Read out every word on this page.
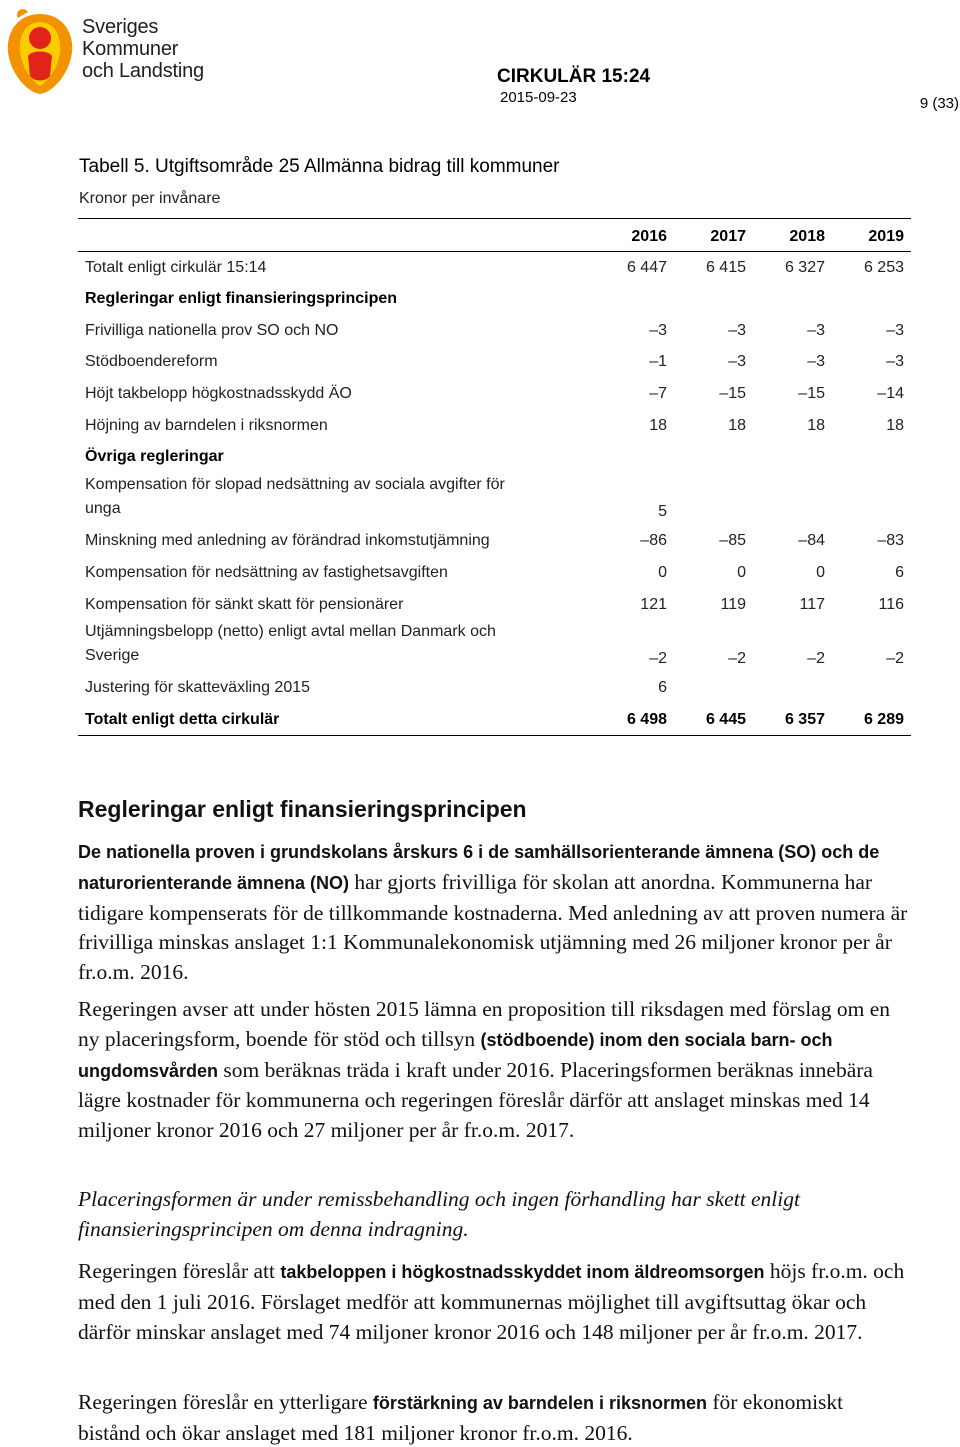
Sveriges
Kommuner
och Landsting	CIRKULÄR 15:24
2015-09-23	9 (33)
Tabell 5. Utgiftsområde 25 Allmänna bidrag till kommuner
Kronor per invånare
	2016	2017	2018	2019
Totalt enligt cirkulär 15:14	6 447	6 415	6 327	6 253
Regleringar enligt finansieringsprincipen				
Frivilliga nationella prov SO och NO	–3	–3	–3	–3
Stödboendereform	–1	–3	–3	–3
Höjt takbelopp högkostnadsskydd ÄO	–7	–15	–15	–14
Höjning av barndelen i riksnormen	18	18	18	18
Övriga regleringar				
Kompensation för slopad nedsättning av sociala avgifter för
unga	5			
Minskning med anledning av förändrad inkomstutjämning	–86	–85	–84	–83
Kompensation för nedsättning av fastighetsavgiften	0	0	0	6
Kompensation för sänkt skatt för pensionärer	121	119	117	116
Utjämningsbelopp (netto) enligt avtal mellan Danmark och
Sverige	–2	–2	–2	–2
Justering för skatteväxling 2015	6			
Totalt enligt detta cirkulär	6 498	6 445	6 357	6 289
Regleringar enligt finansieringsprincipen

De nationella proven i grundskolans årskurs 6 i de samhällsorienterande ämnena (SO) och de naturorienterande ämnena (NO) har gjorts frivilliga för skolan att anordna. Kommunerna har tidigare kompenserats för de tillkommande kostnaderna. Med anledning av att proven numera är frivilliga minskas anslaget 1:1 Kommunalekonomisk utjämning med 26 miljoner kronor per år fr.o.m. 2016.

Regeringen avser att under hösten 2015 lämna en proposition till riksdagen med förslag om en ny placeringsform, boende för stöd och tillsyn (stödboende) inom den sociala barn- och ungdomsvården som beräknas träda i kraft under 2016. Placeringsformen beräknas innebära lägre kostnader för kommunerna och regeringen föreslår därför att anslaget minskas med 14 miljoner kronor 2016 och 27 miljoner per år fr.o.m. 2017.

Placeringsformen är under remissbehandling och ingen förhandling har skett enligt finansieringsprincipen om denna indragning.

Regeringen föreslår att takbeloppen i högkostnadsskyddet inom äldreomsorgen höjs fr.o.m. och med den 1 juli 2016. Förslaget medför att kommunernas möjlighet till avgiftsuttag ökar och därför minskar anslaget med 74 miljoner kronor 2016 och 148 miljoner per år fr.o.m. 2017.

Regeringen föreslår en ytterligare förstärkning av barndelen i riksnormen för ekonomiskt bistånd och ökar anslaget med 181 miljoner kronor fr.o.m. 2016.
